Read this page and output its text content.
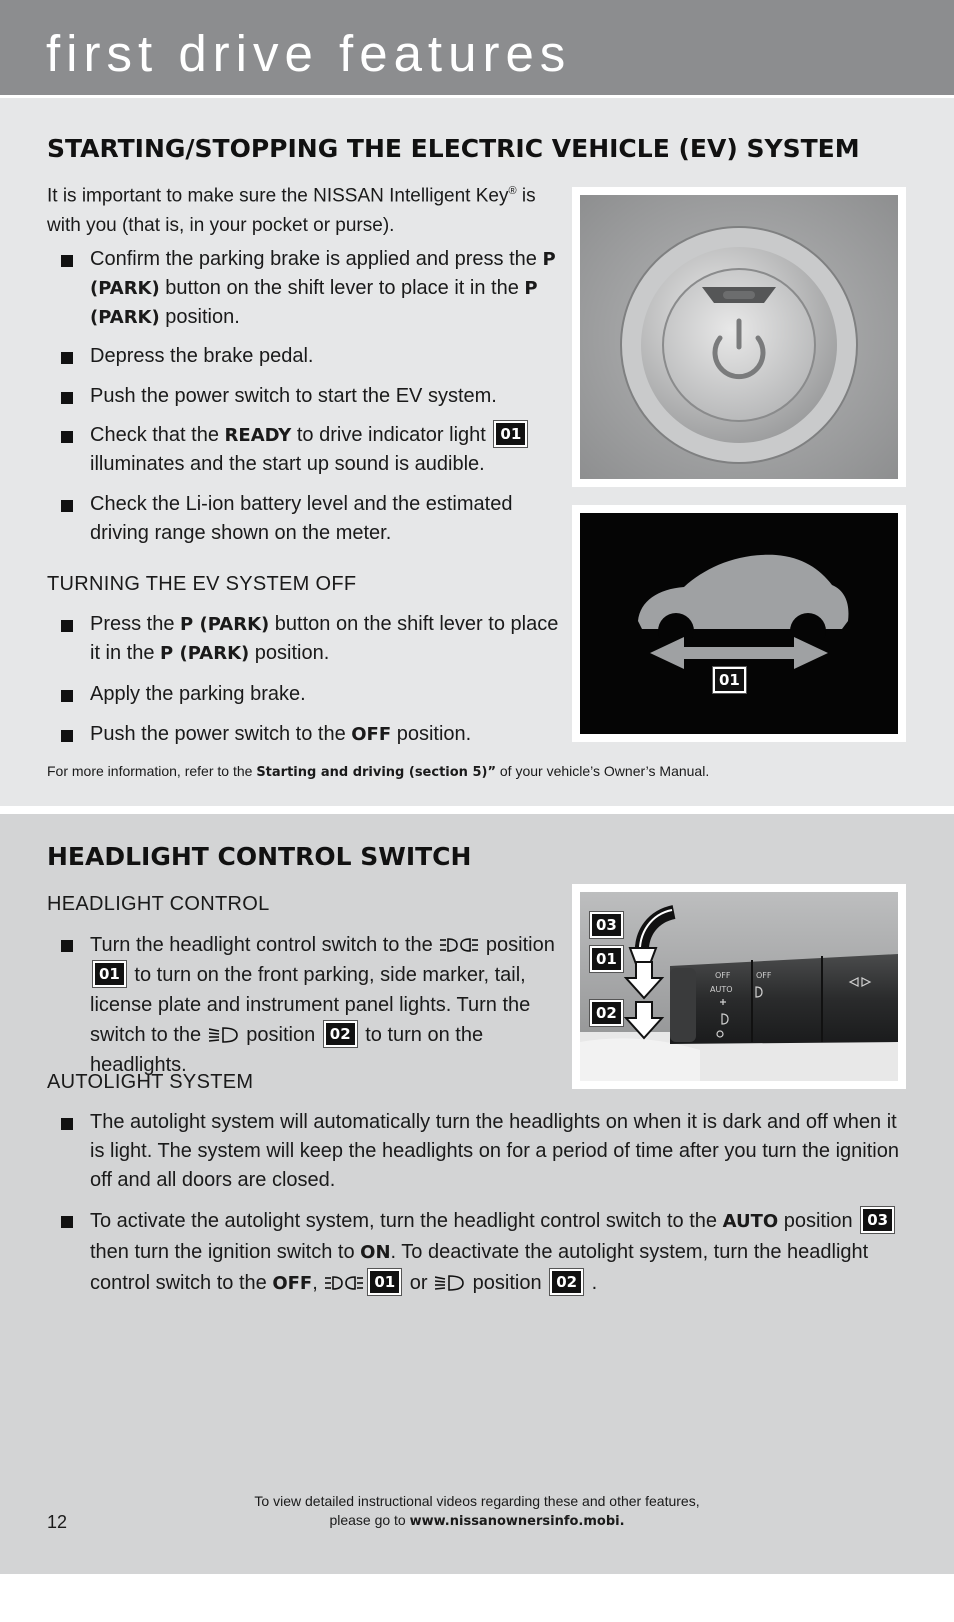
first drive features
STARTING/STOPPING THE ELECTRIC VEHICLE (EV) SYSTEM

It is important to make sure the NISSAN Intelligent Key® is with you (that is, in your pocket or purse).

Confirm the parking brake is applied and press the P (PARK) button on the shift lever to place it in the P (PARK) position.

Depress the brake pedal.

Push the power switch to start the EV system.

Check that the READY to drive indicator light 01 illuminates and the start up sound is audible.

Check the Li-ion battery level and the estimated driving range shown on the meter.

TURNING THE EV SYSTEM OFF

Press the P (PARK) button on the shift lever to place it in the P (PARK) position.

Apply the parking brake.

Push the power switch to the OFF position.

For more information, refer to the Starting and driving (section 5)” of your vehicle’s Owner’s Manual.

01
HEADLIGHT CONTROL SWITCH

HEADLIGHT CONTROL

Turn the headlight control switch to the  position 01 to turn on the front parking, side marker, tail, license plate and instrument panel lights. Turn the switch to the  position 02 to turn on the headlights.

AUTOLIGHT SYSTEM

The autolight system will automatically turn the headlights on when it is dark and off when it is light. The system will keep the headlights on for a period of time after you turn the ignition off and all doors are closed.

To activate the autolight system, turn the headlight control switch to the AUTO position 03 then turn the ignition switch to ON. To deactivate the autolight system, turn the headlight control switch to the OFF,	01 or  position 02 .

OFF	OFF
AUTO
03
01
02

12

To view detailed instructional videos regarding these and other features,
please go to www.nissanownersinfo.mobi.
